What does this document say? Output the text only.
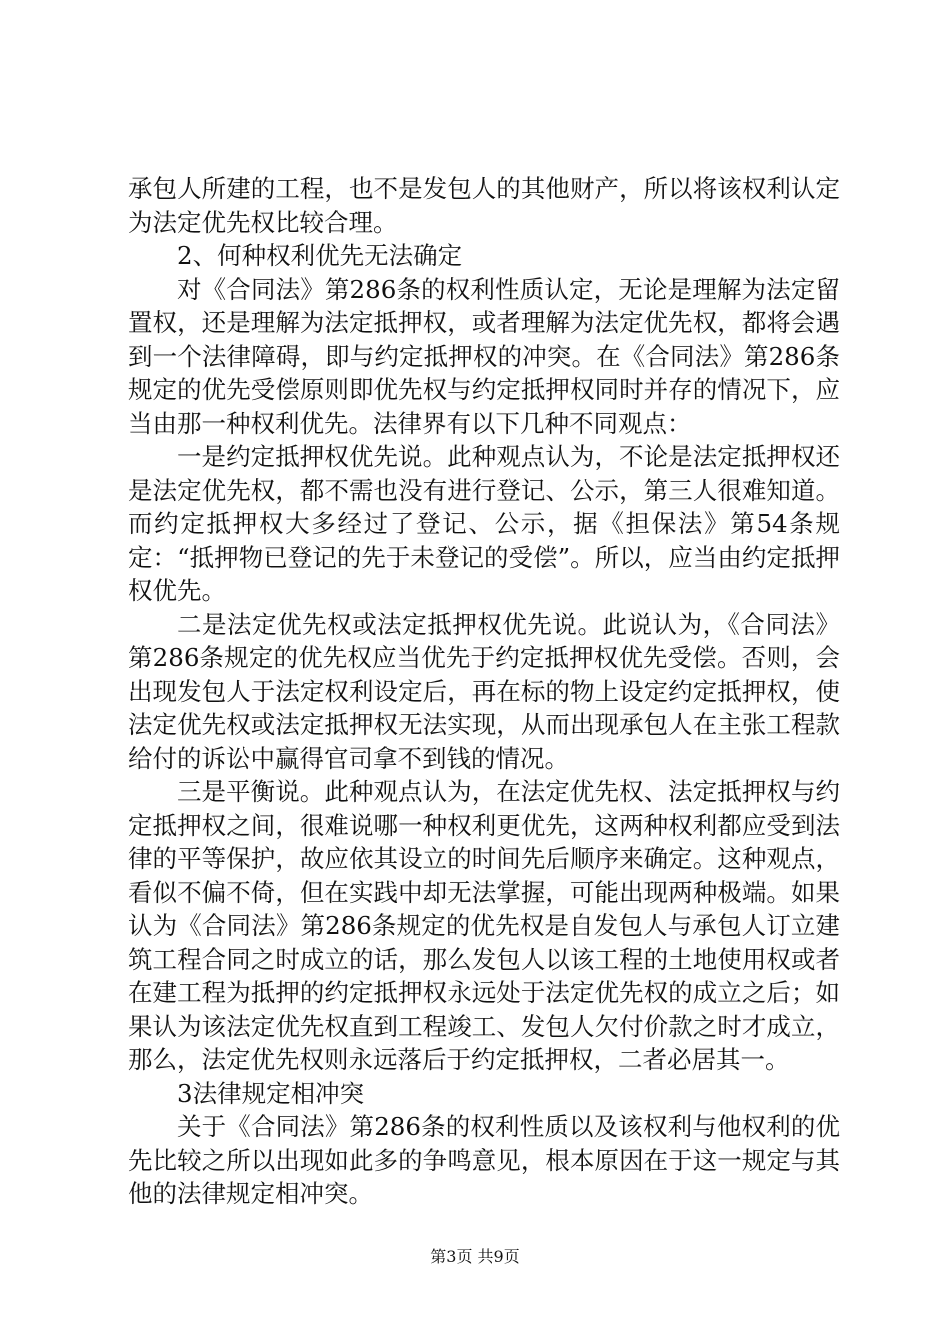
承包人所建的工程，也不是发包人的其他财产，所以将该权利认定为法定优先权比较合理。

2、何种权利优先无法确定

对《合同法》第286条的权利性质认定，无论是理解为法定留置权，还是理解为法定抵押权，或者理解为法定优先权，都将会遇到一个法律障碍，即与约定抵押权的冲突。在《合同法》第286条规定的优先受偿原则即优先权与约定抵押权同时并存的情况下，应当由那一种权利优先。法律界有以下几种不同观点：

一是约定抵押权优先说。此种观点认为，不论是法定抵押权还是法定优先权，都不需也没有进行登记、公示，第三人很难知道。而约定抵押权大多经过了登记、公示，据《担保法》第54条规定：“抵押物已登记的先于未登记的受偿”。所以，应当由约定抵押权优先。

二是法定优先权或法定抵押权优先说。此说认为，《合同法》第286条规定的优先权应当优先于约定抵押权优先受偿。否则，会出现发包人于法定权利设定后，再在标的物上设定约定抵押权，使法定优先权或法定抵押权无法实现，从而出现承包人在主张工程款给付的诉讼中赢得官司拿不到钱的情况。

三是平衡说。此种观点认为，在法定优先权、法定抵押权与约定抵押权之间，很难说哪一种权利更优先，这两种权利都应受到法律的平等保护，故应依其设立的时间先后顺序来确定。这种观点，看似不偏不倚，但在实践中却无法掌握，可能出现两种极端。如果认为《合同法》第286条规定的优先权是自发包人与承包人订立建筑工程合同之时成立的话，那么发包人以该工程的土地使用权或者在建工程为抵押的约定抵押权永远处于法定优先权的成立之后；如果认为该法定优先权直到工程竣工、发包人欠付价款之时才成立，那么，法定优先权则永远落后于约定抵押权，二者必居其一。

3法律规定相冲突

关于《合同法》第286条的权利性质以及该权利与他权利的优先比较之所以出现如此多的争鸣意见，根本原因在于这一规定与其他的法律规定相冲突。

第3页 共9页
